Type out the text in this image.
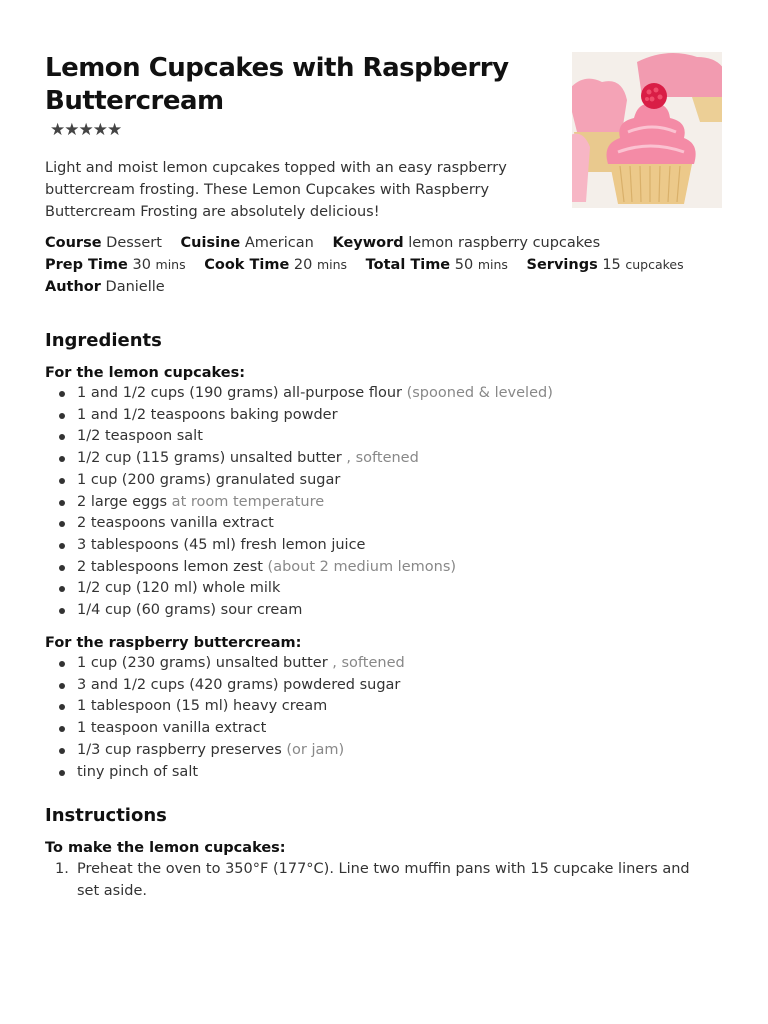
Lemon Cupcakes with Raspberry Buttercream
★★★★★
Light and moist lemon cupcakes topped with an easy raspberry buttercream frosting. These Lemon Cupcakes with Raspberry Buttercream Frosting are absolutely delicious!
Course Dessert Cuisine American Keyword lemon raspberry cupcakes
Prep Time 30 mins Cook Time 20 mins Total Time 50 mins Servings 15 cupcakes
Author Danielle
Ingredients
For the lemon cupcakes:
1 and 1/2 cups (190 grams) all-purpose flour (spooned & leveled)
1 and 1/2 teaspoons baking powder
1/2 teaspoon salt
1/2 cup (115 grams) unsalted butter , softened
1 cup (200 grams) granulated sugar
2 large eggs at room temperature
2 teaspoons vanilla extract
3 tablespoons (45 ml) fresh lemon juice
2 tablespoons lemon zest (about 2 medium lemons)
1/2 cup (120 ml) whole milk
1/4 cup (60 grams) sour cream
For the raspberry buttercream:
1 cup (230 grams) unsalted butter , softened
3 and 1/2 cups (420 grams) powdered sugar
1 tablespoon (15 ml) heavy cream
1 teaspoon vanilla extract
1/3 cup raspberry preserves (or jam)
tiny pinch of salt
Instructions
To make the lemon cupcakes:
1. Preheat the oven to 350°F (177°C). Line two muffin pans with 15 cupcake liners and set aside.
